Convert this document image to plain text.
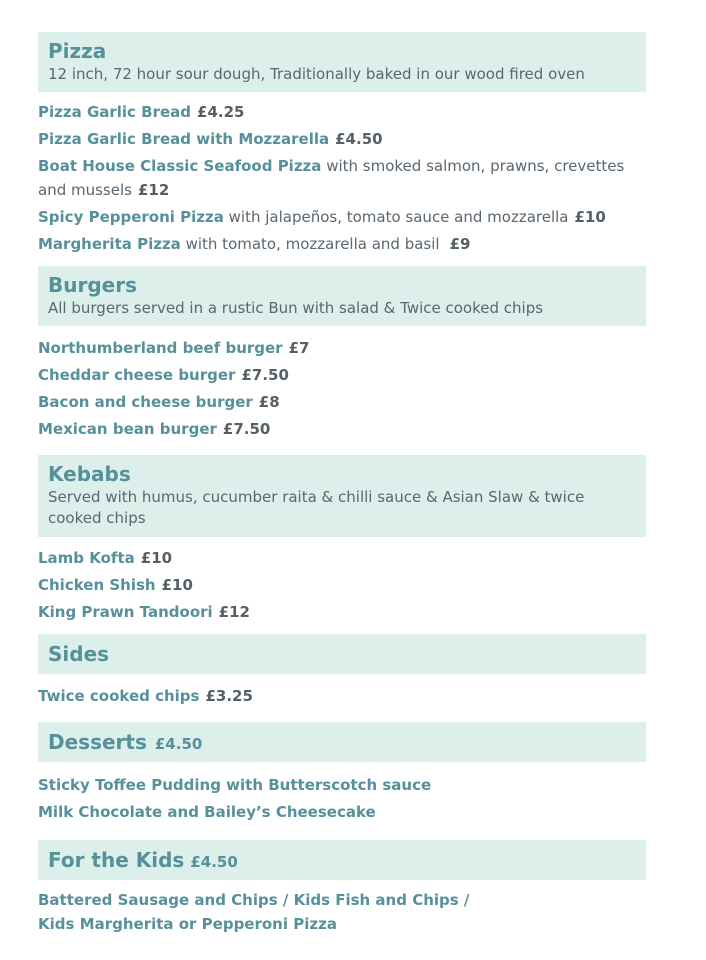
Pizza
12 inch, 72 hour sour dough, Traditionally baked in our wood fired oven
Pizza Garlic Bread £4.25
Pizza Garlic Bread with Mozzarella £4.50
Boat House Classic Seafood Pizza with smoked salmon, prawns, crevettes and mussels £12
Spicy Pepperoni Pizza with jalapeños, tomato sauce and mozzarella £10
Margherita Pizza with tomato, mozzarella and basil £9
Burgers
All burgers served in a rustic Bun with salad & Twice cooked chips
Northumberland beef burger £7
Cheddar cheese burger £7.50
Bacon and cheese burger £8
Mexican bean burger £7.50
Kebabs
Served with humus, cucumber raita & chilli sauce & Asian Slaw & twice cooked chips
Lamb Kofta £10
Chicken Shish £10
King Prawn Tandoori £12
Sides
Twice cooked chips £3.25
Desserts £4.50
Sticky Toffee Pudding with Butterscotch sauce
Milk Chocolate and Bailey’s Cheesecake
For the Kids £4.50
Battered Sausage and Chips / Kids Fish and Chips /
Kids Margherita or Pepperoni Pizza
